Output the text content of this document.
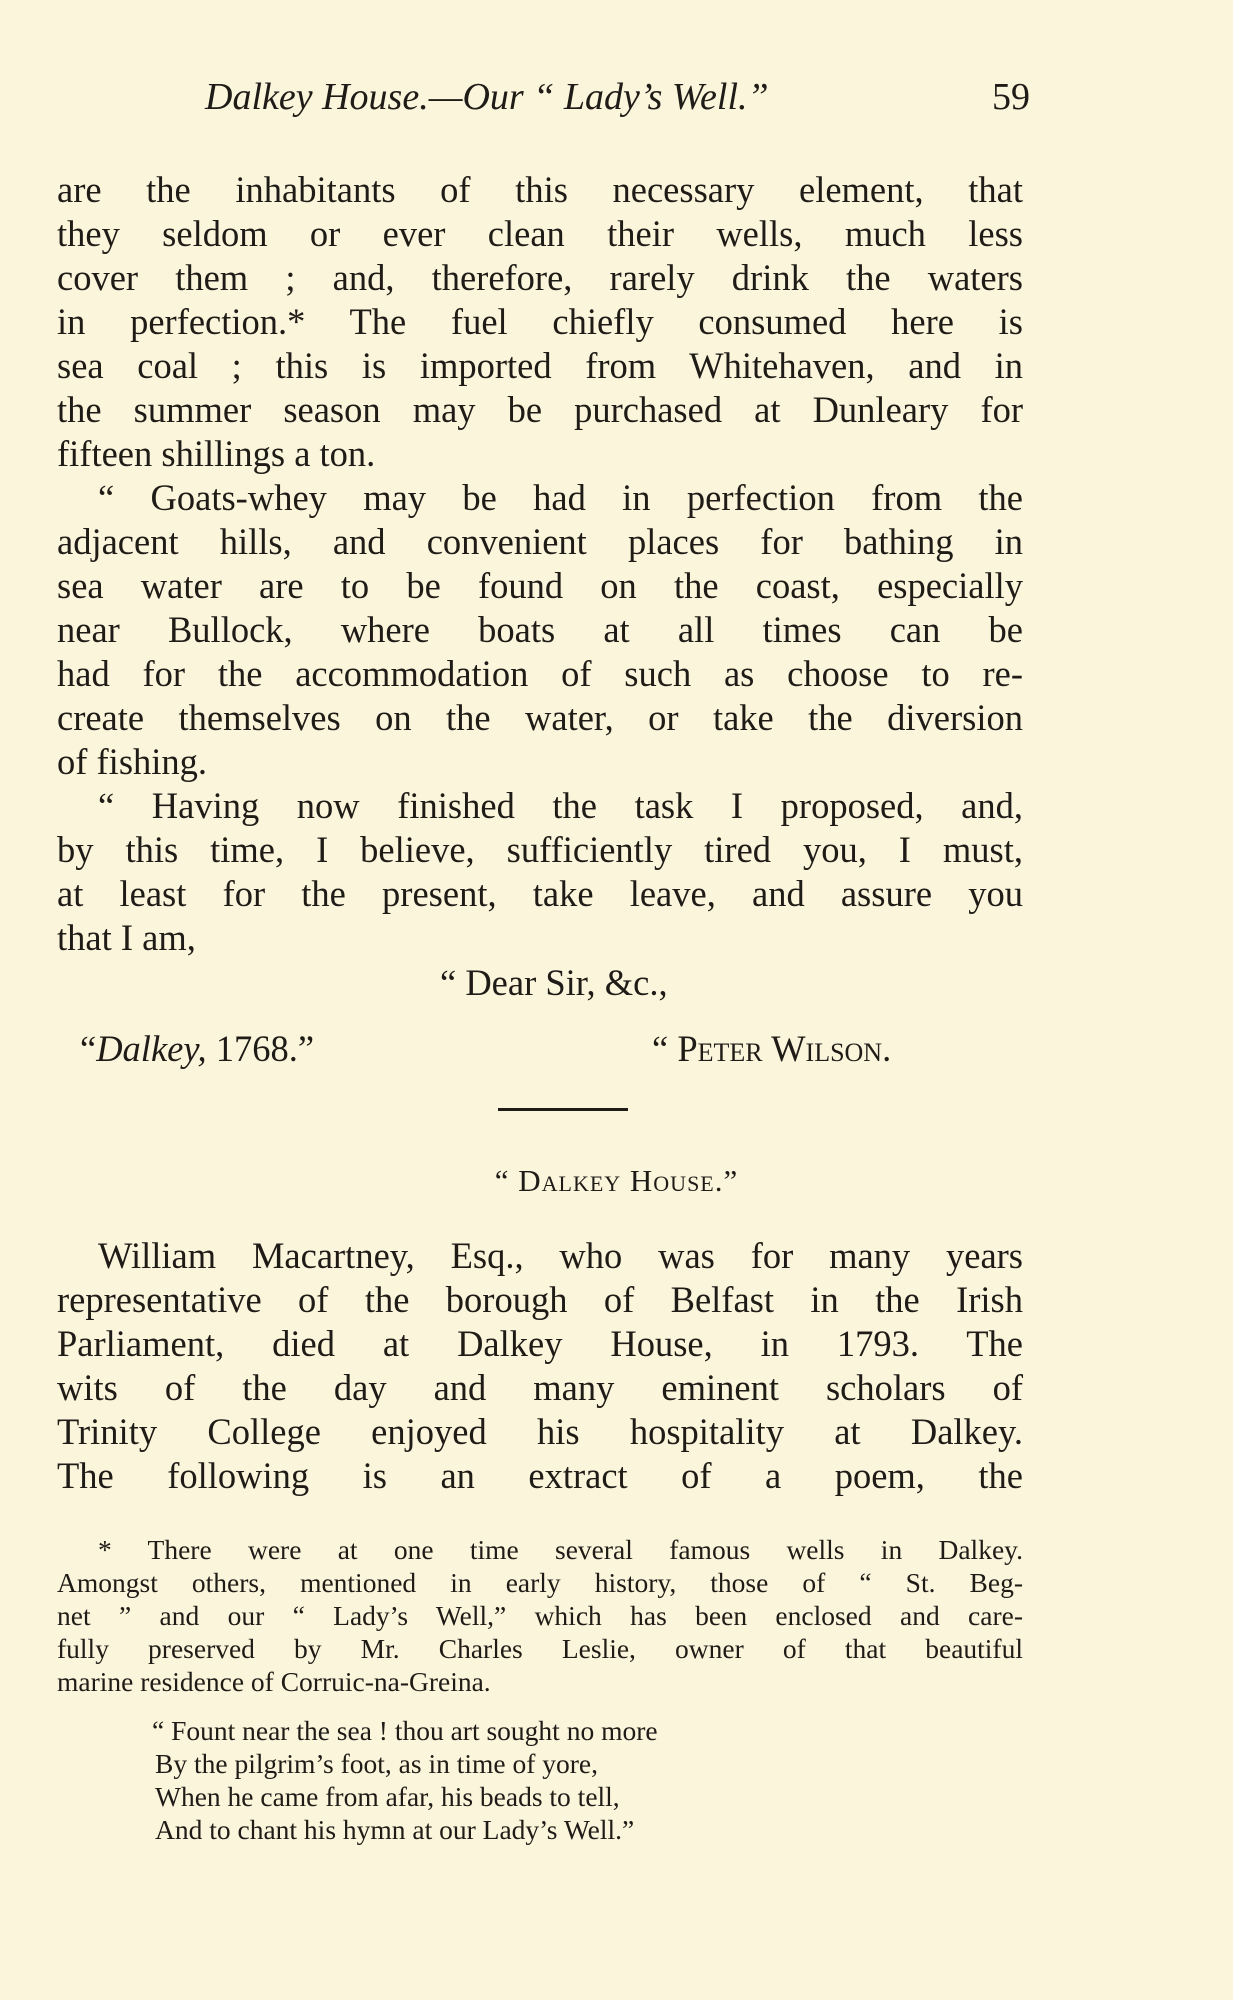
Dalkey House.—Our “ Lady’s Well.”	59
are the inhabitants of this necessary element, that
they seldom or ever clean their wells, much less
cover them ; and, therefore, rarely drink the waters
in perfection.* The fuel chiefly consumed here is
sea coal ; this is imported from Whitehaven, and in
the summer season may be purchased at Dunleary for
fifteen shillings a ton.
“ Goats-whey may be had in perfection from the
adjacent hills, and convenient places for bathing in
sea water are to be found on the coast, especially
near Bullock, where boats at all times can be
had for the accommodation of such as choose to re-
create themselves on the water, or take the diversion
of fishing.
“ Having now finished the task I proposed, and,
by this time, I believe, sufficiently tired you, I must,
at least for the present, take leave, and assure you
that I am,
“ Dear Sir, &c.,
“Dalkey, 1768.”	“ Peter Wilson.
“ Dalkey House.”
William Macartney, Esq., who was for many years
representative of the borough of Belfast in the Irish
Parliament, died at Dalkey House, in 1793. The
wits of the day and many eminent scholars of
Trinity College enjoyed his hospitality at Dalkey.
The following is an extract of a poem, the
* There were at one time several famous wells in Dalkey.
Amongst others, mentioned in early history, those of “ St. Beg-
net ” and our “ Lady’s Well,” which has been enclosed and care-
fully preserved by Mr. Charles Leslie, owner of that beautiful
marine residence of Corruic-na-Greina.
“ Fount near the sea ! thou art sought no more
By the pilgrim’s foot, as in time of yore,
When he came from afar, his beads to tell,
And to chant his hymn at our Lady’s Well.”
